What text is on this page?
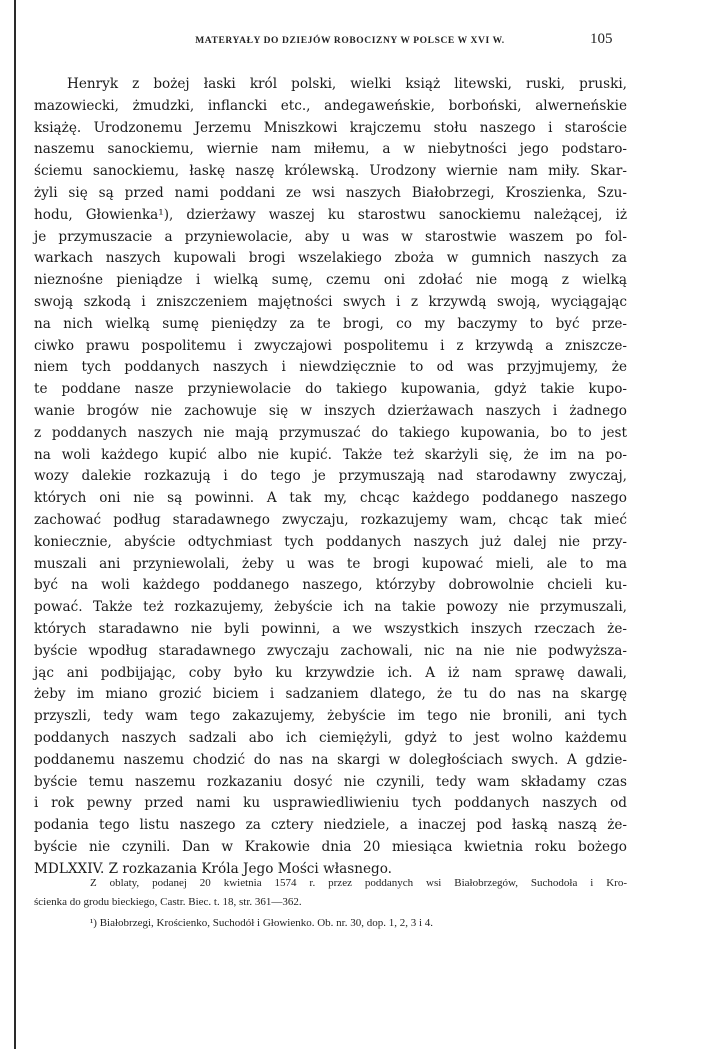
MATERYAŁY DO DZIEJÓW ROBOCIZNY W POLSCE W XVI W.	105
Henryk z bożej łaski król polski, wielki książ litewski, ruski, pruski,
mazowiecki, żmudzki, inflancki etc., andegaweńskie, borboński, alwerneńskie
książę. Urodzonemu Jerzemu Mniszkowi krajczemu stołu naszego i staroście
naszemu sanockiemu, wiernie nam miłemu, a w niebytności jego podstaro-
ściemu sanockiemu, łaskę naszę królewską. Urodzony wiernie nam miły. Skar-
żyli się są przed nami poddani ze wsi naszych Białobrzegi, Kroszienka, Szu-
hodu, Głowienka¹), dzierżawy waszej ku starostwu sanockiemu należącej, iż
je przymuszacie a przyniewolacie, aby u was w starostwie waszem po fol-
warkach naszych kupowali brogi wszelakiego zboża w gumnich naszych za
nieznośne pieniądze i wielką sumę, czemu oni zdołać nie mogą z wielką
swoją szkodą i zniszczeniem majętności swych i z krzywdą swoją, wyciągając
na nich wielką sumę pieniędzy za te brogi, co my baczymy to być prze-
ciwko prawu pospolitemu i zwyczajowi pospolitemu i z krzywdą a zniszcze-
niem tych poddanych naszych i niewdzięcznie to od was przyjmujemy, że
te poddane nasze przyniewolacie do takiego kupowania, gdyż takie kupo-
wanie brogów nie zachowuje się w inszych dzierżawach naszych i żadnego
z poddanych naszych nie mają przymuszać do takiego kupowania, bo to jest
na woli każdego kupić albo nie kupić. Także też skarżyli się, że im na po-
wozy dalekie rozkazują i do tego je przymuszają nad starodawny zwyczaj,
których oni nie są powinni. A tak my, chcąc każdego poddanego naszego
zachować podług staradawnego zwyczaju, rozkazujemy wam, chcąc tak mieć
koniecznie, abyście odtychmiast tych poddanych naszych już dalej nie przy-
muszali ani przyniewolali, żeby u was te brogi kupować mieli, ale to ma
być na woli każdego poddanego naszego, którzyby dobrowolnie chcieli ku-
pować. Także też rozkazujemy, żebyście ich na takie powozy nie przymuszali,
których staradawno nie byli powinni, a we wszystkich inszych rzeczach że-
byście wpodług staradawnego zwyczaju zachowali, nic na nie nie podwyższa-
jąc ani podbijając, coby było ku krzywdzie ich. A iż nam sprawę dawali,
żeby im miano grozić biciem i sadzaniem dlatego, że tu do nas na skargę
przyszli, tedy wam tego zakazujemy, żebyście im tego nie bronili, ani tych
poddanych naszych sadzali abo ich ciemiężyli, gdyż to jest wolno każdemu
poddanemu naszemu chodzić do nas na skargi w doległościach swych. A gdzie-
byście temu naszemu rozkazaniu dosyć nie czynili, tedy wam składamy czas
i rok pewny przed nami ku usprawiedliwieniu tych poddanych naszych od
podania tego listu naszego za cztery niedziele, a inaczej pod łaską naszą że-
byście nie czynili. Dan w Krakowie dnia 20 miesiąca kwietnia roku bożego
MDLXXIV. Z rozkazania Króla Jego Mości własnego.
Z oblaty, podanej 20 kwietnia 1574 r. przez poddanych wsi Białobrzegów, Suchodoła i Kro-
ścienka do grodu bieckiego, Castr. Biec. t. 18, str. 361—362.
¹) Białobrzegi, Krościenko, Suchodół i Głowienko. Ob. nr. 30, dop. 1, 2, 3 i 4.
